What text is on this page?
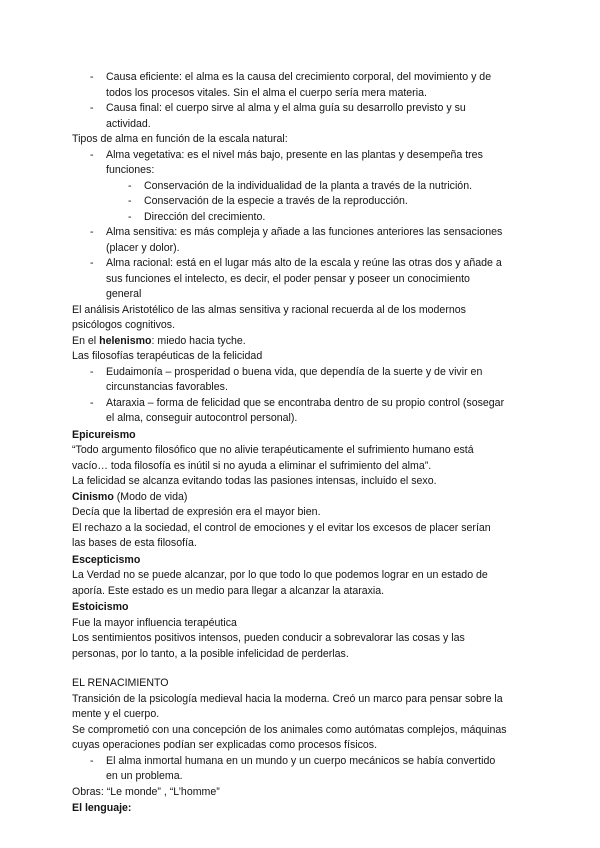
- Causa eficiente: el alma es la causa del crecimiento corporal, del movimiento y de
todos los procesos vitales. Sin el alma el cuerpo sería mera materia.
- Causa final: el cuerpo sirve al alma y el alma guía su desarrollo previsto y su
actividad.
Tipos de alma en función de la escala natural:
- Alma vegetativa: es el nivel más bajo, presente en las plantas y desempeña tres
funciones:
- Conservación de la individualidad de la planta a través de la nutrición.
- Conservación de la especie a través de la reproducción.
- Dirección del crecimiento.
- Alma sensitiva: es más compleja y añade a las funciones anteriores las sensaciones
(placer y dolor).
- Alma racional: está en el lugar más alto de la escala y reúne las otras dos y añade a
sus funciones el intelecto, es decir, el poder pensar y poseer un conocimiento
general
El análisis Aristotélico de las almas sensitiva y racional recuerda al de los modernos
psicólogos cognitivos.
En el helenismo: miedo hacia tyche.
Las filosofías terapéuticas de la felicidad
- Eudaimonía – prosperidad o buena vida, que dependía de la suerte y de vivir en
circunstancias favorables.
- Ataraxia – forma de felicidad que se encontraba dentro de su propio control (sosegar
el alma, conseguir autocontrol personal).
Epicureismo
“Todo argumento filosófico que no alivie terapéuticamente el sufrimiento humano está
vacío… toda filosofía es inútil si no ayuda a eliminar el sufrimiento del alma”.
La felicidad se alcanza evitando todas las pasiones intensas, incluido el sexo.
Cinismo (Modo de vida)
Decía que la libertad de expresión era el mayor bien.
El rechazo a la sociedad, el control de emociones y el evitar los excesos de placer serían
las bases de esta filosofía.
Escepticismo
La Verdad no se puede alcanzar, por lo que todo lo que podemos lograr en un estado de
aporía. Este estado es un medio para llegar a alcanzar la ataraxia.
Estoicismo
Fue la mayor influencia terapéutica
Los sentimientos positivos intensos, pueden conducir a sobrevalorar las cosas y las
personas, por lo tanto, a la posible infelicidad de perderlas.
EL RENACIMIENTO
Transición de la psicología medieval hacia la moderna. Creó un marco para pensar sobre la
mente y el cuerpo.
Se comprometió con una concepción de los animales como autómatas complejos, máquinas
cuyas operaciones podían ser explicadas como procesos físicos.
- El alma inmortal humana en un mundo y un cuerpo mecánicos se había convertido
en un problema.
Obras: “Le monde” , “L’homme”
El lenguaje:
